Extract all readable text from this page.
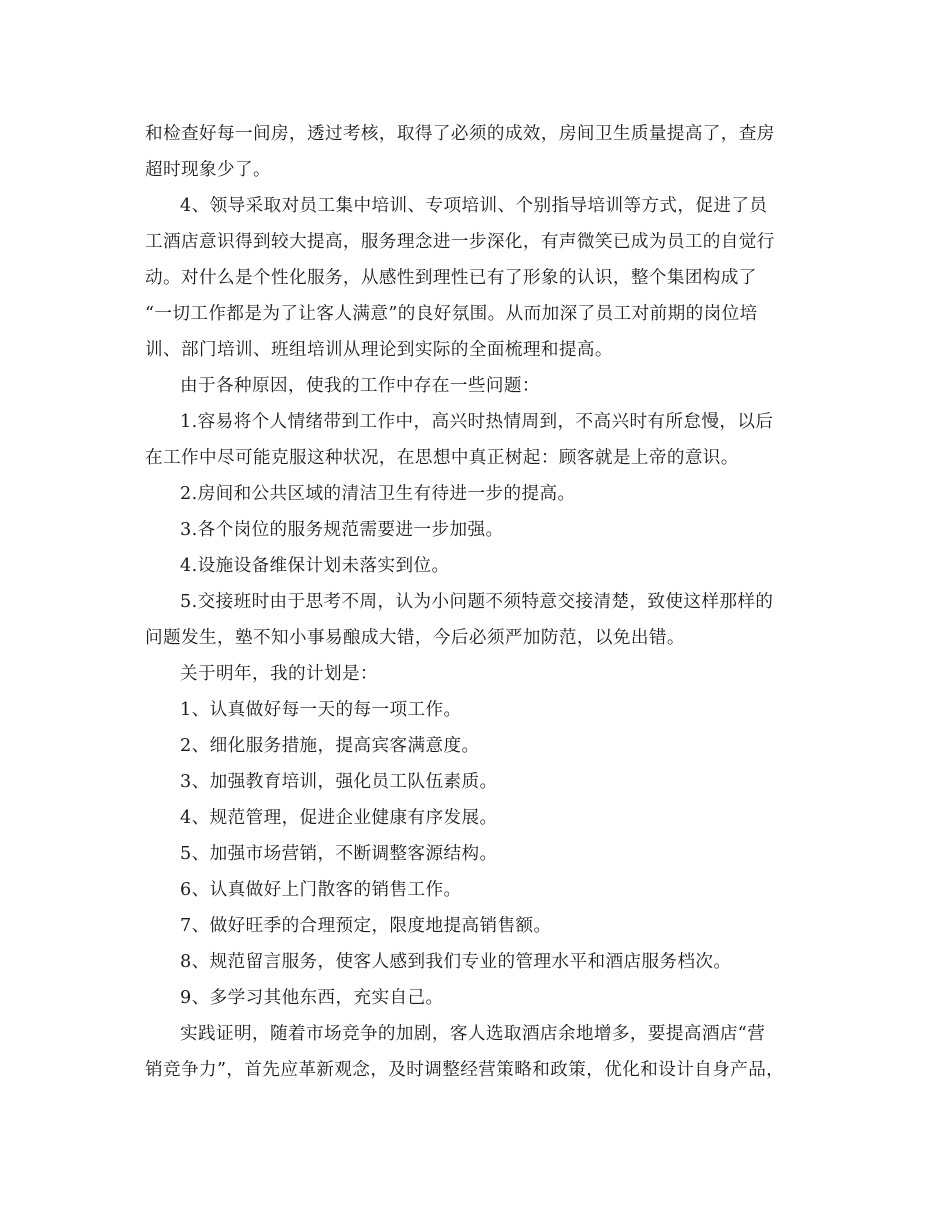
和检查好每一间房，透过考核，取得了必须的成效，房间卫生质量提高了，查房
超时现象少了。
4、领导采取对员工集中培训、专项培训、个别指导培训等方式，促进了员
工酒店意识得到较大提高，服务理念进一步深化，有声微笑已成为员工的自觉行
动。对什么是个性化服务，从感性到理性已有了形象的认识，整个集团构成了
“一切工作都是为了让客人满意”的良好氛围。从而加深了员工对前期的岗位培
训、部门培训、班组培训从理论到实际的全面梳理和提高。
由于各种原因，使我的工作中存在一些问题：
1.容易将个人情绪带到工作中，高兴时热情周到，不高兴时有所怠慢，以后
在工作中尽可能克服这种状况，在思想中真正树起：顾客就是上帝的意识。
2.房间和公共区域的清洁卫生有待进一步的提高。
3.各个岗位的服务规范需要进一步加强。
4.设施设备维保计划未落实到位。
5.交接班时由于思考不周，认为小问题不须特意交接清楚，致使这样那样的
问题发生，塾不知小事易酿成大错，今后必须严加防范，以免出错。
关于明年，我的计划是：
1、认真做好每一天的每一项工作。
2、细化服务措施，提高宾客满意度。
3、加强教育培训，强化员工队伍素质。
4、规范管理，促进企业健康有序发展。
5、加强市场营销，不断调整客源结构。
6、认真做好上门散客的销售工作。
7、做好旺季的合理预定，限度地提高销售额。
8、规范留言服务，使客人感到我们专业的管理水平和酒店服务档次。
9、多学习其他东西，充实自己。
实践证明，随着市场竞争的加剧，客人选取酒店余地增多，要提高酒店“营
销竞争力”，首先应革新观念，及时调整经营策略和政策，优化和设计自身产品，
